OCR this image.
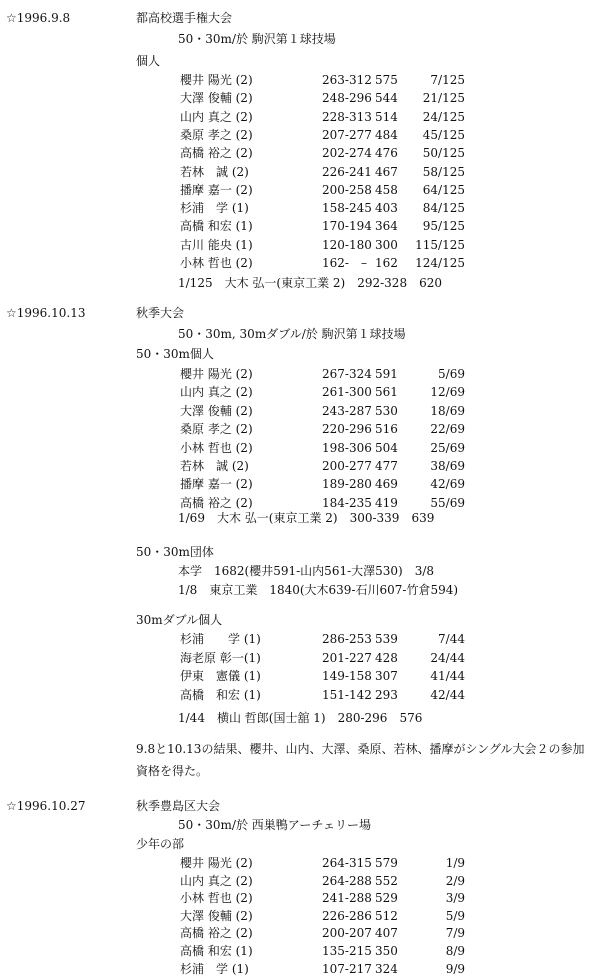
☆1996.9.8	都高校選手権大会
50・30m/於 駒沢第１球技場
個人
櫻井 陽光 (2)	263-312 575	7/125
大澤 俊輔 (2)	248-296 544 21/125
山内 真之 (2)	228-313 514 24/125
桑原 孝之 (2)	207-277 484 45/125
高橋 裕之 (2)	202-274 476 50/125
若林　誠 (2)	226-241 467 58/125
播摩 嘉一 (2)	200-258 458 64/125
杉浦　学 (1)	158-245 403 84/125
高橋 和宏 (1)	170-194 364 95/125
古川 能央 (1)	120-180 300 115/125
小林 哲也 (2)	162-　– 162 124/125
1/125　大木 弘一(東京工業 2)　292-328　620
☆1996.10.13	秋季大会
50・30m, 30mダブル/於 駒沢第１球技場
50・30m個人
櫻井 陽光 (2)	267-324 591	5/69
山内 真之 (2)	261-300 561	12/69
大澤 俊輔 (2)	243-287 530	18/69
桑原 孝之 (2)	220-296 516	22/69
小林 哲也 (2)	198-306 504	25/69
若林　誠 (2)	200-277 477	38/69
播摩 嘉一 (2)	189-280 469	42/69
高橋 裕之 (2)	184-235 419	55/69
1/69　大木 弘一(東京工業 2)　300-339　639
50・30m団体
本学　1682(櫻井591-山内561-大澤530)　3/8
1/8　東京工業　1840(大木639-石川607-竹倉594)
30mダブル個人
杉浦　　学 (1)	286-253 539	7/44
海老原 彰一(1)	201-227 428	24/44
伊東　憲儀 (1)	149-158 307	41/44
高橋　和宏 (1)	151-142 293	42/44
1/44　横山 哲郎(国士舘 1)　280-296　576
9.8と10.13の結果、櫻井、山内、大澤、桑原、若林、播摩がシングル大会２の参加資格を得た。
☆1996.10.27	秋季豊島区大会
50・30m/於 西巣鴨アーチェリー場
少年の部
櫻井 陽光 (2)	264-315 579	1/9
山内 真之 (2)	264-288 552	2/9
小林 哲也 (2)	241-288 529	3/9
大澤 俊輔 (2)	226-286 512	5/9
高橋 裕之 (2)	200-207 407	7/9
高橋 和宏 (1)	135-215 350	8/9
杉浦　学 (1)	107-217 324	9/9
